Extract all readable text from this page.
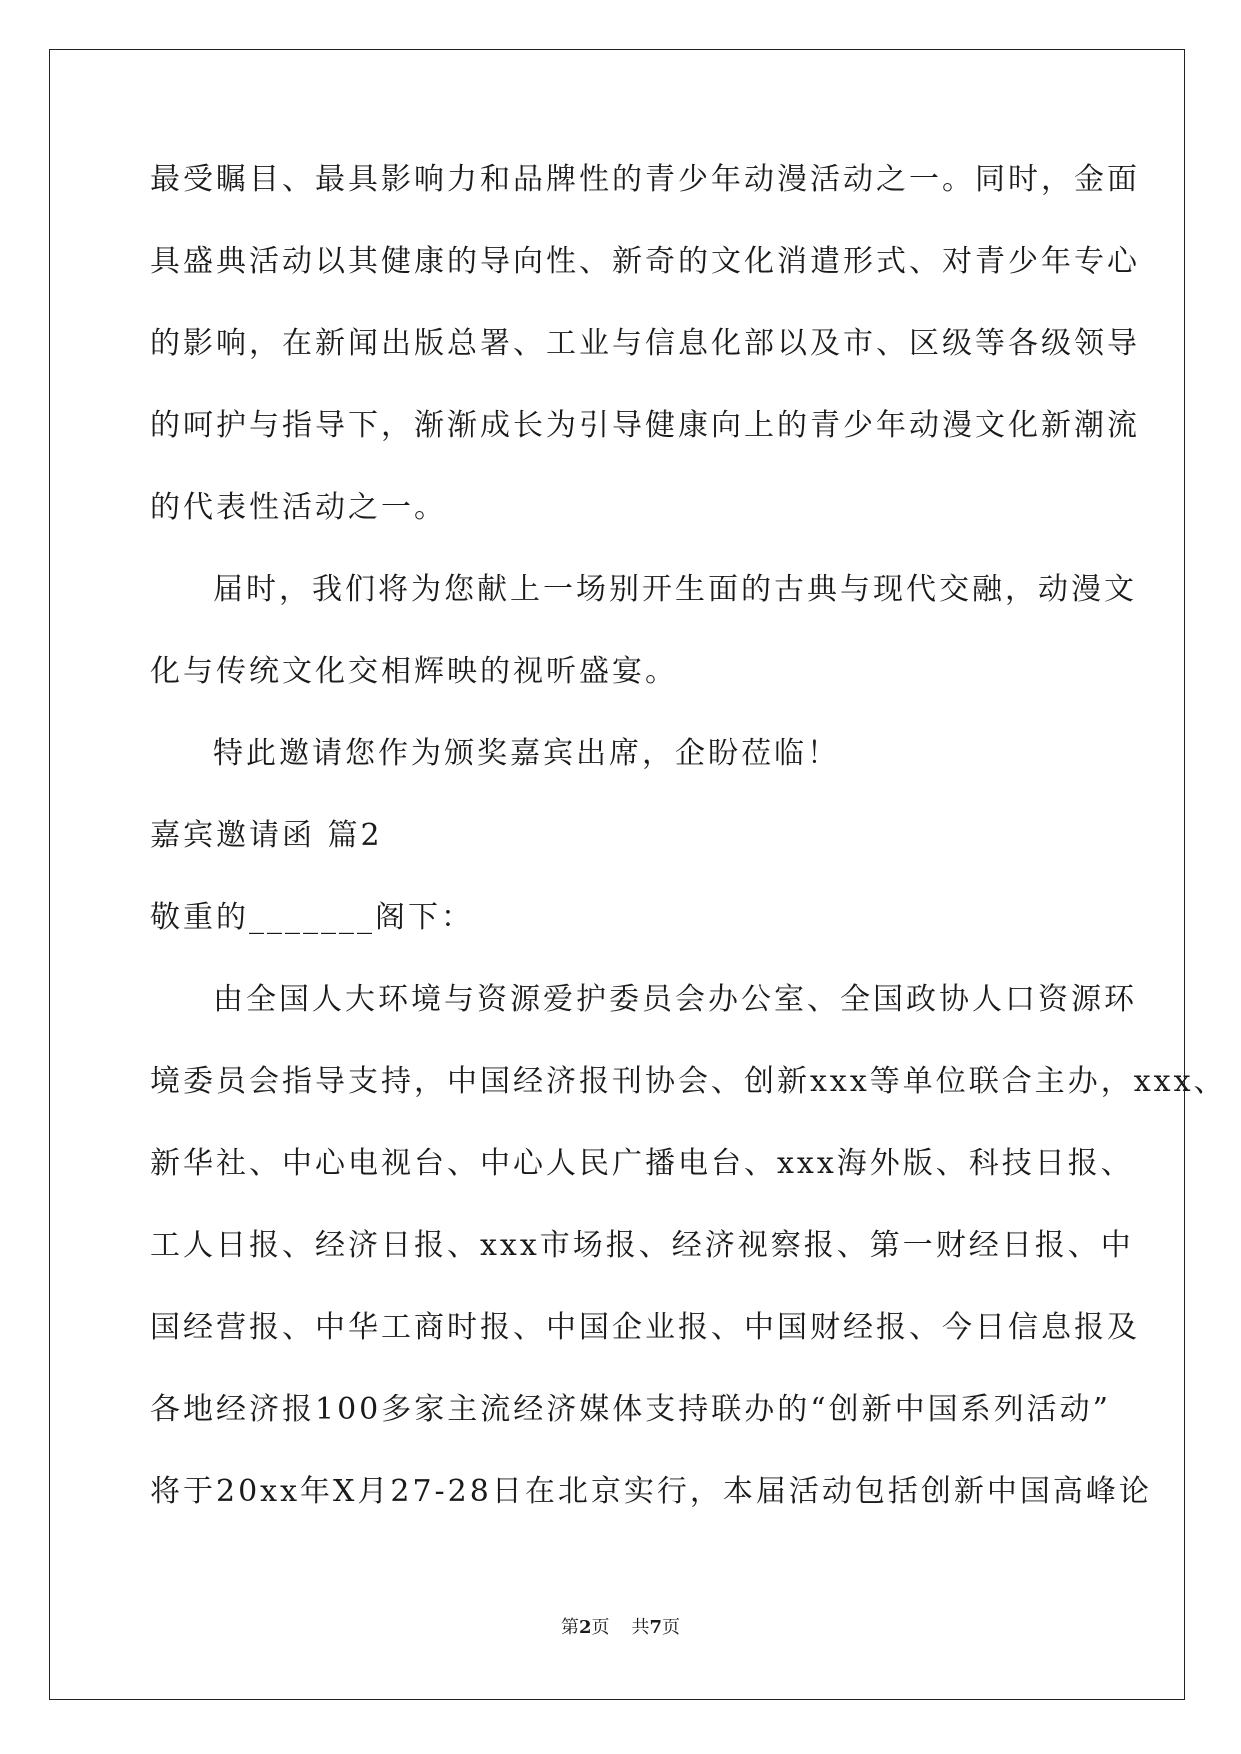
最受瞩目、最具影响力和品牌性的青少年动漫活动之一。同时，金面
具盛典活动以其健康的导向性、新奇的文化消遣形式、对青少年专心
的影响，在新闻出版总署、工业与信息化部以及市、区级等各级领导
的呵护与指导下，渐渐成长为引导健康向上的青少年动漫文化新潮流
的代表性活动之一。
届时，我们将为您献上一场别开生面的古典与现代交融，动漫文
化与传统文化交相辉映的视听盛宴。
特此邀请您作为颁奖嘉宾出席，企盼莅临！
嘉宾邀请函 篇2
敬重的_______阁下：
由全国人大环境与资源爱护委员会办公室、全国政协人口资源环
境委员会指导支持，中国经济报刊协会、创新xxx等单位联合主办，xxx、
新华社、中心电视台、中心人民广播电台、xxx海外版、科技日报、
工人日报、经济日报、xxx市场报、经济视察报、第一财经日报、中
国经营报、中华工商时报、中国企业报、中国财经报、今日信息报及
各地经济报100多家主流经济媒体支持联办的“创新中国系列活动”
将于20xx年X月27-28日在北京实行，本届活动包括创新中国高峰论
第2页 共7页
